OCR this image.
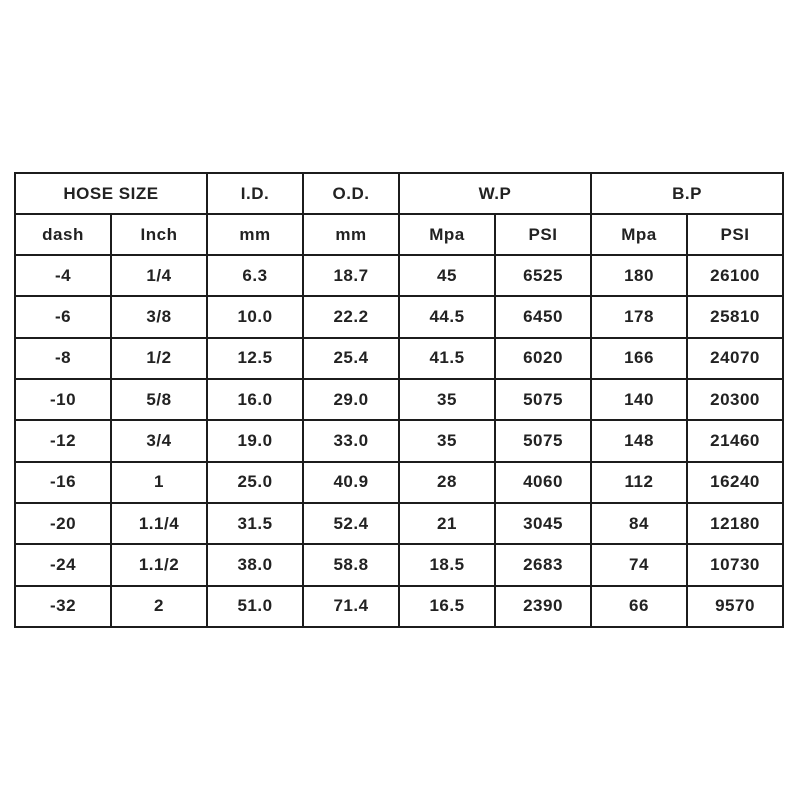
HOSE SIZE		I.D.	O.D.	W.P		B.P	
dash	Inch	mm	mm	Mpa	PSI	Mpa	PSI
-4	1/4	6.3	18.7	45	6525	180	26100
-6	3/8	10.0	22.2	44.5	6450	178	25810
-8	1/2	12.5	25.4	41.5	6020	166	24070
-10	5/8	16.0	29.0	35	5075	140	20300
-12	3/4	19.0	33.0	35	5075	148	21460
-16	1	25.0	40.9	28	4060	112	16240
-20	1.1/4	31.5	52.4	21	3045	84	12180
-24	1.1/2	38.0	58.8	18.5	2683	74	10730
-32	2	51.0	71.4	16.5	2390	66	9570
